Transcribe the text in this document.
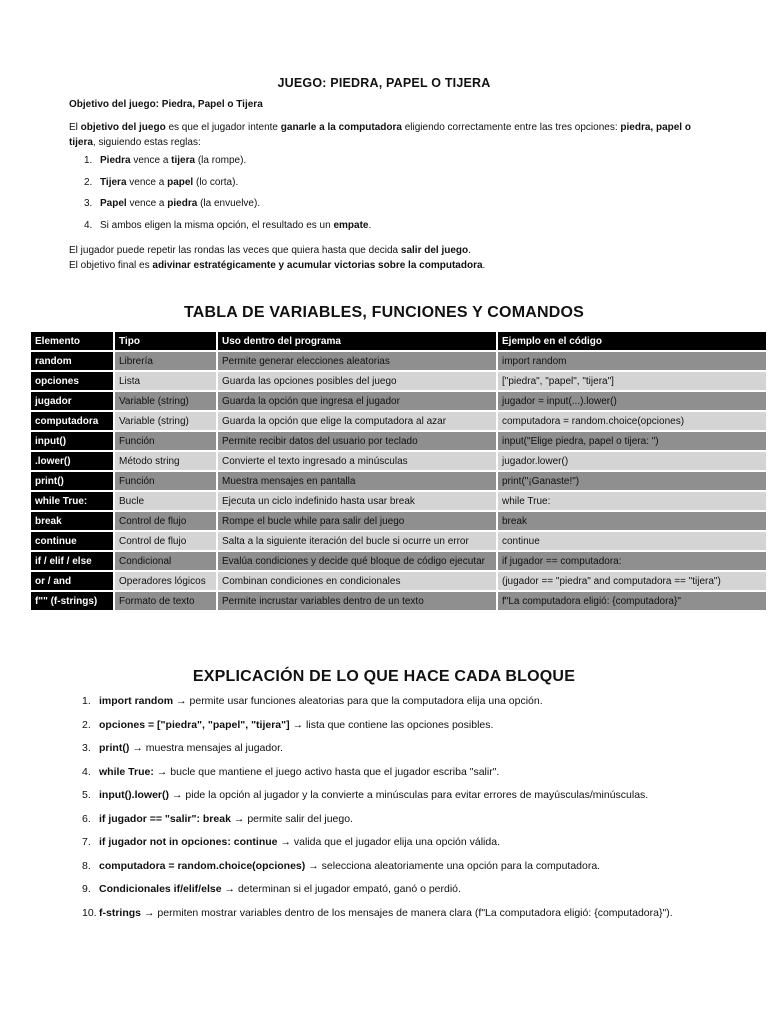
JUEGO: PIEDRA, PAPEL O TIJERA
Objetivo del juego: Piedra, Papel o Tijera

El objetivo del juego es que el jugador intente ganarle a la computadora eligiendo correctamente entre las tres opciones: piedra, papel o tijera, siguiendo estas reglas:

1. Piedra vence a tijera (la rompe).
2. Tijera vence a papel (lo corta).
3. Papel vence a piedra (la envuelve).
4. Si ambos eligen la misma opción, el resultado es un empate.

El jugador puede repetir las rondas las veces que quiera hasta que decida salir del juego.

El objetivo final es adivinar estratégicamente y acumular victorias sobre la computadora.

TABLA DE VARIABLES, FUNCIONES Y COMANDOS
Elemento	Tipo	Uso dentro del programa	Ejemplo en el código
random	Librería	Permite generar elecciones aleatorias	import random
opciones	Lista	Guarda las opciones posibles del juego	["piedra", "papel", "tijera"]
jugador	Variable (string)	Guarda la opción que ingresa el jugador	jugador = input(...).lower()
computadora	Variable (string)	Guarda la opción que elige la computadora al azar	computadora = random.choice(opciones)
input()	Función	Permite recibir datos del usuario por teclado	input("Elige piedra, papel o tijera: ")
.lower()	Método string	Convierte el texto ingresado a minúsculas	jugador.lower()
print()	Función	Muestra mensajes en pantalla	print("¡Ganaste!")
while True:	Bucle	Ejecuta un ciclo indefinido hasta usar break	while True:
break	Control de flujo	Rompe el bucle while para salir del juego	break
continue	Control de flujo	Salta a la siguiente iteración del bucle si ocurre un error	continue
if / elif / else	Condicional	Evalúa condiciones y decide qué bloque de código ejecutar	if jugador == computadora:
or / and	Operadores lógicos	Combinan condiciones en condicionales	(jugador == "piedra" and computadora == "tijera")
f"" (f-strings)	Formato de texto	Permite incrustar variables dentro de un texto	f"La computadora eligió: {computadora}"
EXPLICACIÓN DE LO QUE HACE CADA BLOQUE
1. import random → permite usar funciones aleatorias para que la computadora elija una opción.
2. opciones = ["piedra", "papel", "tijera"] → lista que contiene las opciones posibles.
3. print() → muestra mensajes al jugador.
4. while True: → bucle que mantiene el juego activo hasta que el jugador escriba "salir".
5. input().lower() → pide la opción al jugador y la convierte a minúsculas para evitar errores de mayúsculas/minúsculas.
6. if jugador == "salir": break → permite salir del juego.
7. if jugador not in opciones: continue → valida que el jugador elija una opción válida.
8. computadora = random.choice(opciones) → selecciona aleatoriamente una opción para la computadora.
9. Condicionales if/elif/else → determinan si el jugador empató, ganó o perdió.
10. f-strings → permiten mostrar variables dentro de los mensajes de manera clara (f"La computadora eligió: {computadora}").
